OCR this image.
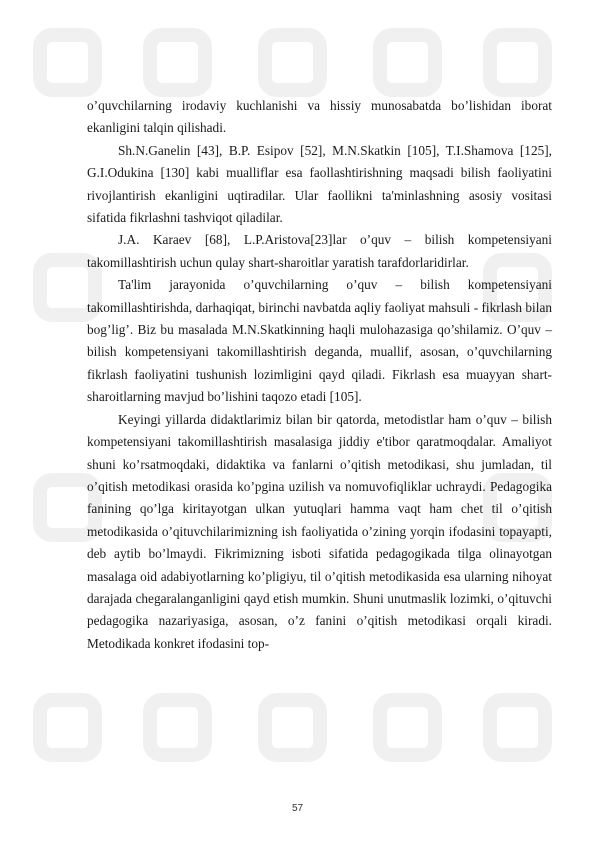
o’quvchilarning irodaviy kuchlanishi va hissiy munosabatda bo’lishidan iborat ekanligini talqin qilishadi.

Sh.N.Ganelin [43], B.P. Esipov [52], M.N.Skatkin [105], T.I.Shamova [125], G.I.Odukina [130] kabi mualliflar esa faollashtirishning maqsadi bilish faoliyatini rivojlantirish ekanligini uqtiradilar. Ular faollikni ta'minlashning asosiy vositasi sifatida fikrlashni tashviqot qiladilar.

J.A. Karaev [68], L.P.Aristova[23]lar o’quv – bilish kompetensiyani takomillashtirish uchun qulay shart-sharoitlar yaratish tarafdorlaridirlar.

Ta'lim jarayonida o’quvchilarning o’quv – bilish kompetensiyani takomillashtirishda, darhaqiqat, birinchi navbatda aqliy faoliyat mahsuli - fikrlash bilan bog’lig’. Biz bu masalada M.N.Skatkinning haqli mulohazasiga qo’shilamiz. O’quv – bilish kompetensiyani takomillashtirish deganda, muallif, asosan, o’quvchilarning fikrlash faoliyatini tushunish lozimligini qayd qiladi. Fikrlash esa muayyan shart-sharoitlarning mavjud bo’lishini taqozo etadi [105].

Keyingi yillarda didaktlarimiz bilan bir qatorda, metodistlar ham o’quv – bilish kompetensiyani takomillashtirish masalasiga jiddiy e'tibor qaratmoqdalar. Amaliyot shuni ko’rsatmoqdaki, didaktika va fanlarni o’qitish metodikasi, shu jumladan, til o’qitish metodikasi orasida ko’pgina uzilish va nomuvofiqliklar uchraydi. Pedagogika fanining qo’lga kiritayotgan ulkan yutuqlari hamma vaqt ham chet til o’qitish metodikasida o’qituvchilarimizning ish faoliyatida o’zining yorqin ifodasini topayapti, deb aytib bo’lmaydi. Fikrimizning isboti sifatida pedagogikada tilga olinayotgan masalaga oid adabiyotlarning ko’pligiyu, til o’qitish metodikasida esa ularning nihoyat darajada chegaralanganligini qayd etish mumkin. Shuni unutmaslik lozimki, o’qituvchi pedagogika nazariyasiga, asosan, o’z fanini o’qitish metodikasi orqali kiradi. Metodikada konkret ifodasini top-

57
